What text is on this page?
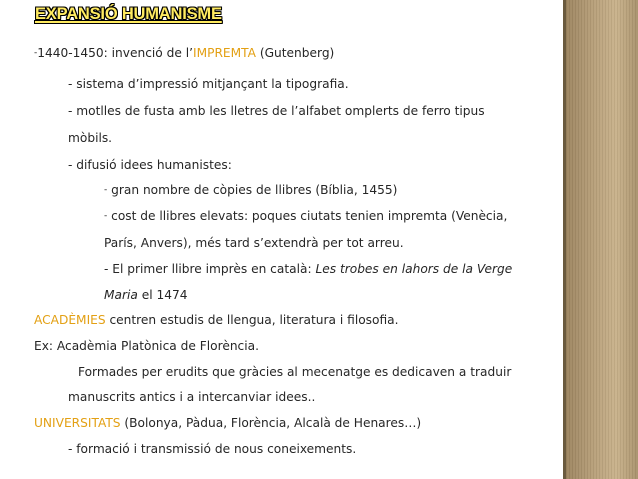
EXPANSIÓ HUMANISME
-1440-1450: invenció de l’IMPREMTA (Gutenberg)
- sistema d’impressió mitjançant la tipografia.
- motlles de fusta amb les lletres de l’alfabet omplerts de ferro tipus
mòbils.
- difusió idees humanistes:
- gran nombre de còpies de llibres (Bíblia, 1455)
- cost de llibres elevats: poques ciutats tenien impremta (Venècia,
París, Anvers), més tard s’extendrà per tot arreu.
- El primer llibre imprès en català: Les trobes en lahors de la Verge
Maria el 1474
ACADÈMIES centren estudis de llengua, literatura i filosofia.
Ex: Acadèmia Platònica de Florència.
Formades per erudits que gràcies al mecenatge es dedicaven a traduir
manuscrits antics i a intercanviar idees..
UNIVERSITATS (Bolonya, Pàdua, Florència, Alcalà de Henares…)
- formació i transmissió de nous coneixements.
